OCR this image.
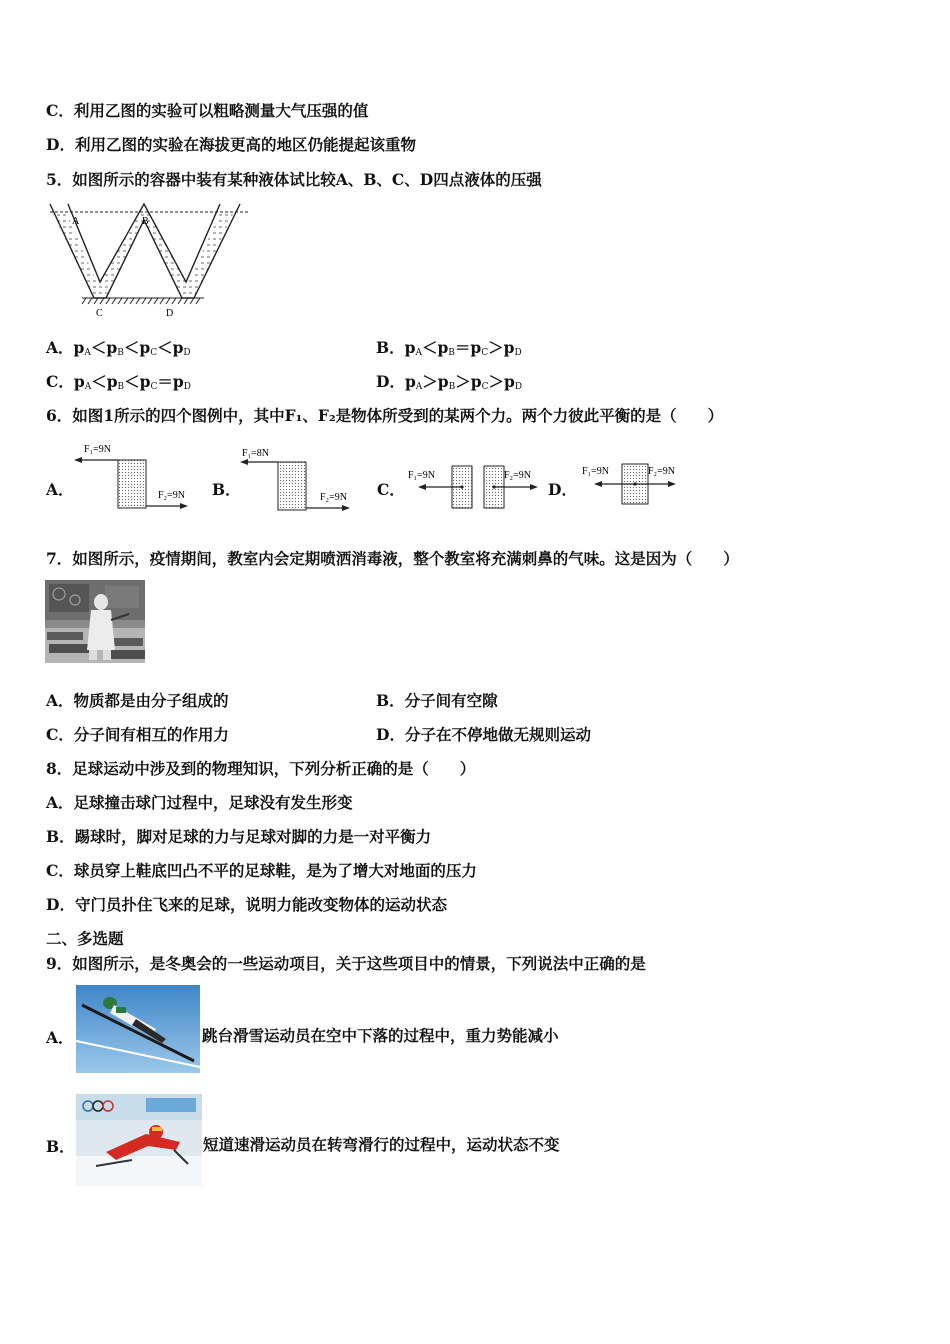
C．利用乙图的实验可以粗略测量大气压强的值
D．利用乙图的实验在海拔更高的地区仍能提起该重物
5．如图所示的容器中装有某种液体试比较A、B、C、D四点液体的压强
A	B
C	D
A．$p_A<p_B<p_C<p_D$	B．$p_A<p_B=p_C>p_D$
C．$p_A<p_B<p_C=p_D$	D．$p_A>p_B>p_C>p_D$
6．如图1所示的四个图例中，其中F₁、F₂是物体所受到的某两个力。两个力彼此平衡的是（　　）
A．
F₁=9N
F₂=9N B．
F₁=8N
F₂=9N C．
F₁=9N	F₂=9N
D．
F₁=9N	F₂=9N
7．如图所示，疫情期间，教室内会定期喷洒消毒液，整个教室将充满刺鼻的气味。这是因为（　　）
A．物质都是由分子组成的	B．分子间有空隙
C．分子间有相互的作用力	D．分子在不停地做无规则运动
8．足球运动中涉及到的物理知识，下列分析正确的是（　　）
A．足球撞击球门过程中，足球没有发生形变
B．踢球时，脚对足球的力与足球对脚的力是一对平衡力
C．球员穿上鞋底凹凸不平的足球鞋，是为了增大对地面的压力
D．守门员扑住飞来的足球，说明力能改变物体的运动状态
二、多选题
9．如图所示，是冬奥会的一些运动项目，关于这些项目中的情景，下列说法中正确的是
A．	跳台滑雪运动员在空中下落的过程中，重力势能减小
B．	短道速滑运动员在转弯滑行的过程中，运动状态不变
